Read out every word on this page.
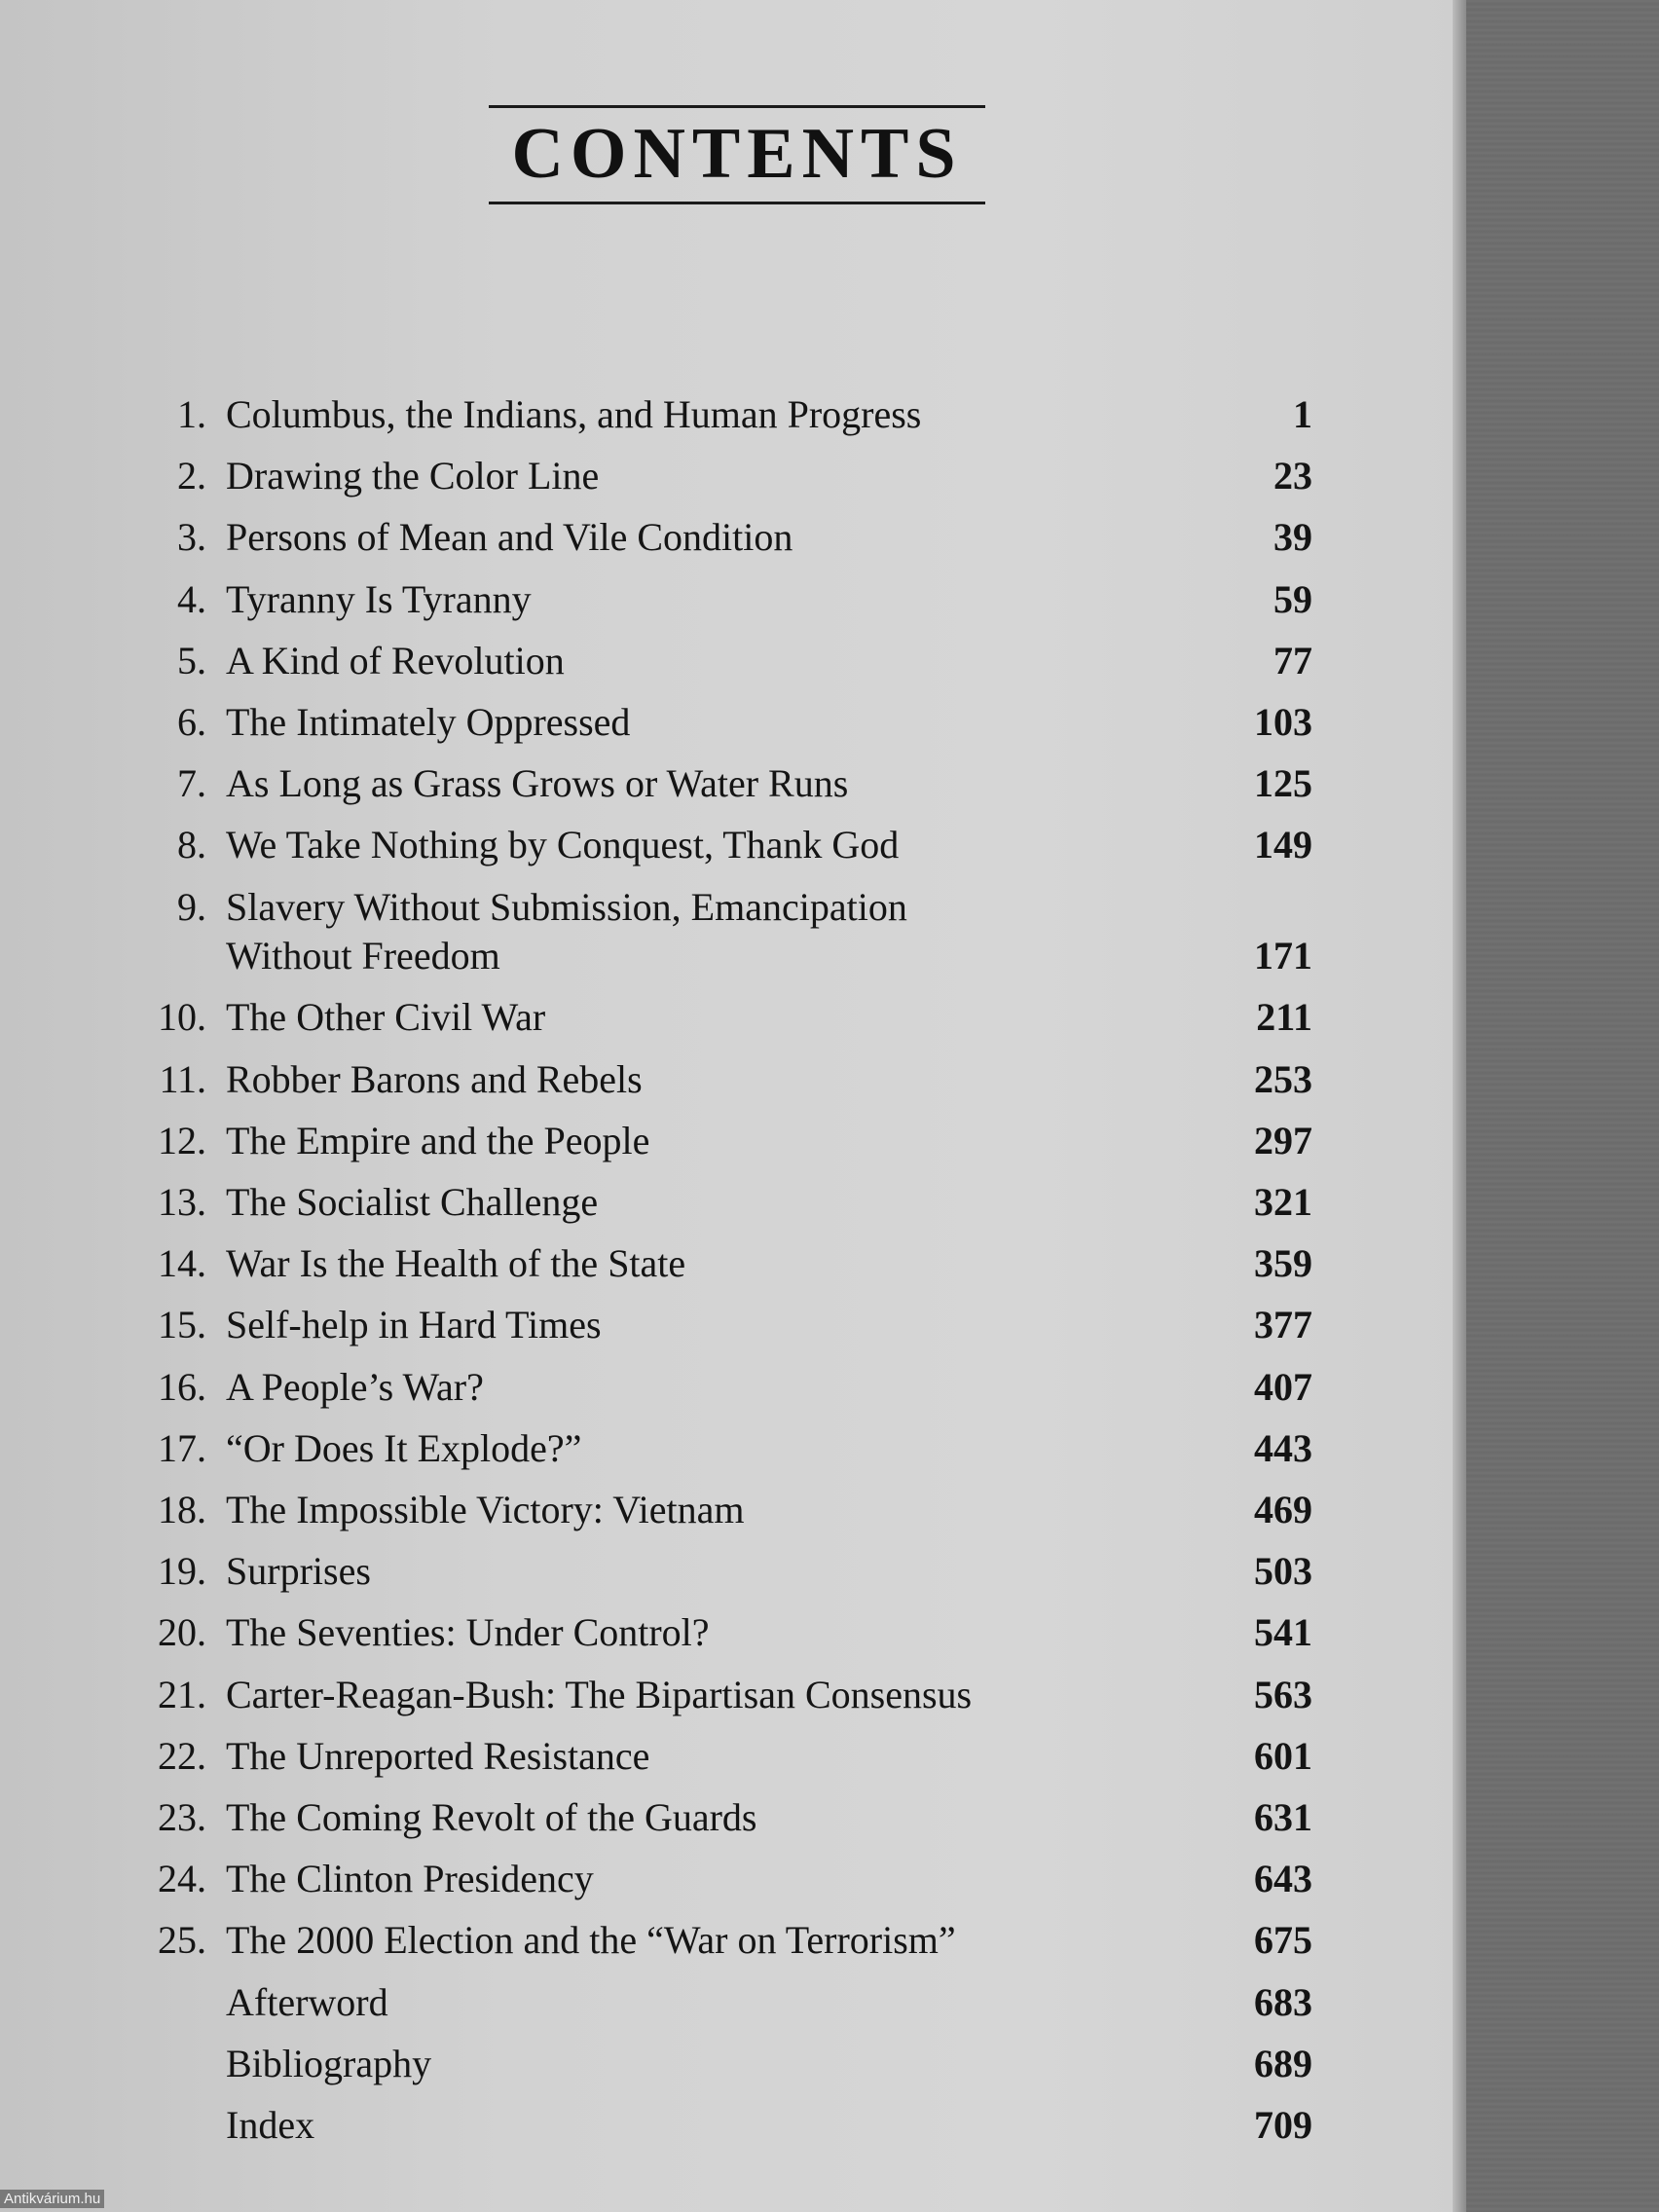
CONTENTS
1. Columbus, the Indians, and Human Progress	1
2. Drawing the Color Line	23
3. Persons of Mean and Vile Condition	39
4. Tyranny Is Tyranny	59
5. A Kind of Revolution	77
6. The Intimately Oppressed	103
7. As Long as Grass Grows or Water Runs	125
8. We Take Nothing by Conquest, Thank God	149
9. Slavery Without Submission, Emancipation
Without Freedom	171
10. The Other Civil War	211
11. Robber Barons and Rebels	253
12. The Empire and the People	297
13. The Socialist Challenge	321
14. War Is the Health of the State	359
15. Self-help in Hard Times	377
16. A People’s War?	407
17. “Or Does It Explode?”	443
18. The Impossible Victory: Vietnam	469
19. Surprises	503
20. The Seventies: Under Control?	541
21. Carter-Reagan-Bush: The Bipartisan Consensus	563
22. The Unreported Resistance	601
23. The Coming Revolt of the Guards	631
24. The Clinton Presidency	643
25. The 2000 Election and the “War on Terrorism”	675
Afterword	683
Bibliography	689
Index	709
Antikvárium.hu
